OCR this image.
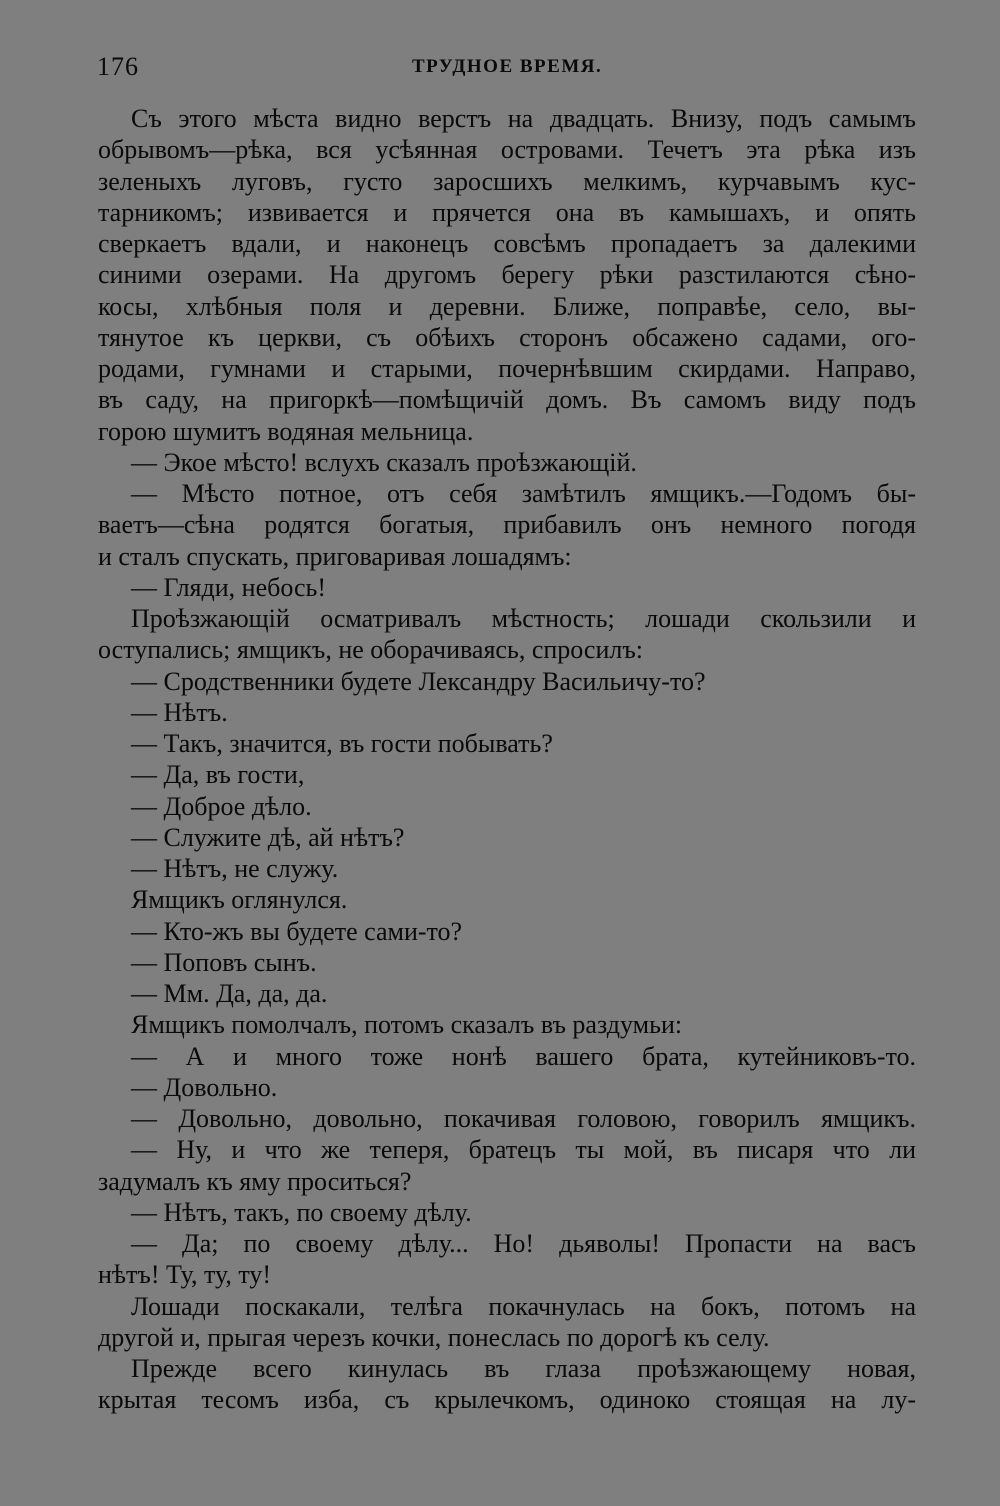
176	ТРУДНОЕ ВРЕМЯ.
Съ этого мѣста видно верстъ на двадцать. Внизу, подъ самымъ
обрывомъ—рѣка, вся усѣянная островами. Течетъ эта рѣка изъ
зеленыхъ луговъ, густо заросшихъ мелкимъ, курчавымъ кус-
тарникомъ; извивается и прячется она въ камышахъ, и опять
сверкаетъ вдали, и наконецъ совсѣмъ пропадаетъ за далекими
синими озерами. На другомъ берегу рѣки разстилаются сѣно-
косы, хлѣбныя поля и деревни. Ближе, поправѣе, село, вы-
тянутое къ церкви, съ обѣихъ сторонъ обсажено садами, ого-
родами, гумнами и старыми, почернѣвшим скирдами. Направо,
въ саду, на пригоркѣ—помѣщичій домъ. Въ самомъ виду подъ
горою шумитъ водяная мельница.
— Экое мѣсто! вслухъ сказалъ проѣзжающій.
— Мѣсто потное, отъ себя замѣтилъ ямщикъ.—Годомъ бы-
ваетъ—сѣна родятся богатыя, прибавилъ онъ немного погодя
и сталъ спускать, приговаривая лошадямъ:
— Гляди, небось!
Проѣзжающій осматривалъ мѣстность; лошади скользили и
оступались; ямщикъ, не оборачиваясь, спросилъ:
— Сродственники будете Лександру Васильичу-то?
— Нѣтъ.
— Такъ, значится, въ гости побывать?
— Да, въ гости,
— Доброе дѣло.
— Служите дѣ, ай нѣтъ?
— Нѣтъ, не служу.
Ямщикъ оглянулся.
— Кто-жъ вы будете сами-то?
— Поповъ сынъ.
— Мм. Да, да, да.
Ямщикъ помолчалъ, потомъ сказалъ въ раздумьи:
— А и много тоже нонѣ вашего брата, кутейниковъ-то.
— Довольно.
— Довольно, довольно, покачивая головою, говорилъ ямщикъ.
— Ну, и что же теперя, братецъ ты мой, въ писаря что ли
задумалъ къ яму проситься?
— Нѣтъ, такъ, по своему дѣлу.
— Да; по своему дѣлу... Но! дьяволы! Пропасти на васъ
нѣтъ! Ту, ту, ту!
Лошади поскакали, телѣга покачнулась на бокъ, потомъ на
другой и, прыгая черезъ кочки, понеслась по дорогѣ къ селу.
Прежде всего кинулась въ глаза проѣзжающему новая,
крытая тесомъ изба, съ крылечкомъ, одиноко стоящая на лу-
